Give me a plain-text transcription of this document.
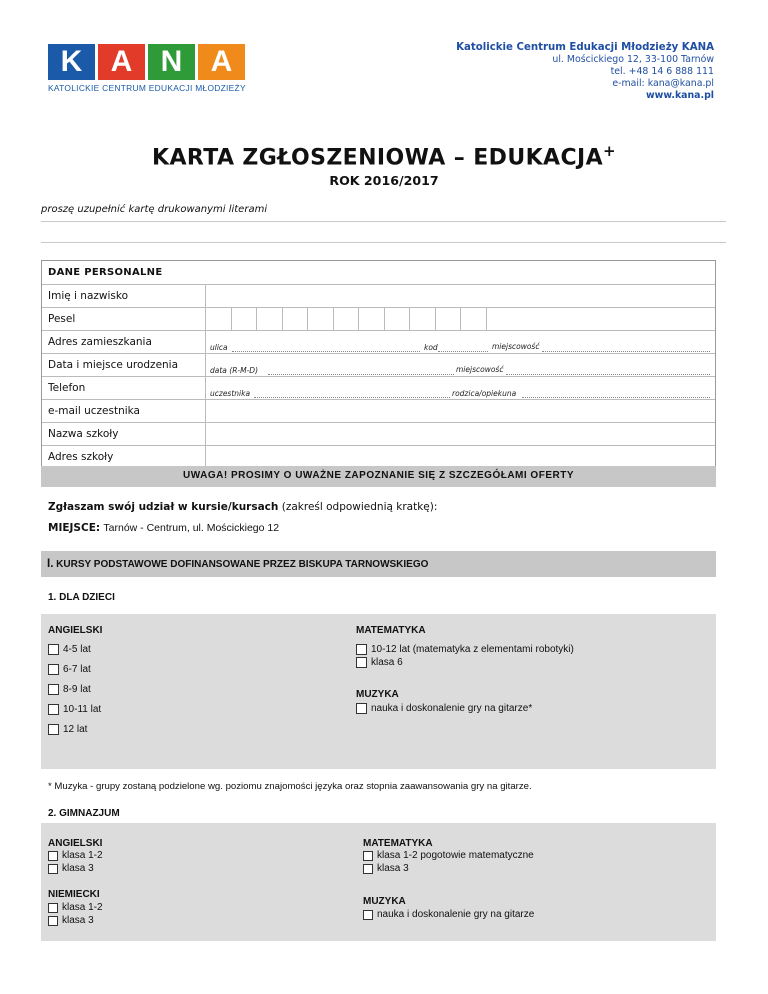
K A N A
KATOLICKIE CENTRUM EDUKACJI MŁODZIEŻY
Katolickie Centrum Edukacji Młodzieży KANA
ul. Mościckiego 12, 33-100 Tarnów
tel. +48 14 6 888 111
e-mail: kana@kana.pl
www.kana.pl
KARTA ZGŁOSZENIOWA – EDUKACJA+
ROK 2016/2017
proszę uzupełnić kartę drukowanymi literami
DANE PERSONALNE
Imię i nazwisko
Pesel
Adres zamieszkania	ulica	kod	miejscowość
Data i miejsce urodzenia	data (R-M-D)	miejscowość
Telefon	uczestnika	rodzica/opiekuna
e-mail uczestnika
Nazwa szkoły
Adres szkoły
UWAGA! PROSIMY O UWAŻNE ZAPOZNANIE SIĘ Z SZCZEGÓŁAMI OFERTY
Zgłaszam swój udział w kursie/kursach (zakreśl odpowiednią kratkę):
MIEJSCE: Tarnów - Centrum, ul. Mościckiego 12
I. KURSY PODSTAWOWE DOFINANSOWANE PRZEZ BISKUPA TARNOWSKIEGO
1. DLA DZIECI
ANGIELSKI
4-5 lat
6-7 lat
8-9 lat
10-11 lat
12 lat
MATEMATYKA
10-12 lat (matematyka z elementami robotyki)
klasa 6
MUZYKA
nauka i doskonalenie gry na gitarze*
* Muzyka - grupy zostaną podzielone wg. poziomu znajomości języka oraz stopnia zaawansowania gry na gitarze.
2. GIMNAZJUM
ANGIELSKI
klasa 1-2
klasa 3
NIEMIECKI
klasa 1-2
klasa 3
MATEMATYKA
klasa 1-2 pogotowie matematyczne
klasa 3
MUZYKA
nauka i doskonalenie gry na gitarze
